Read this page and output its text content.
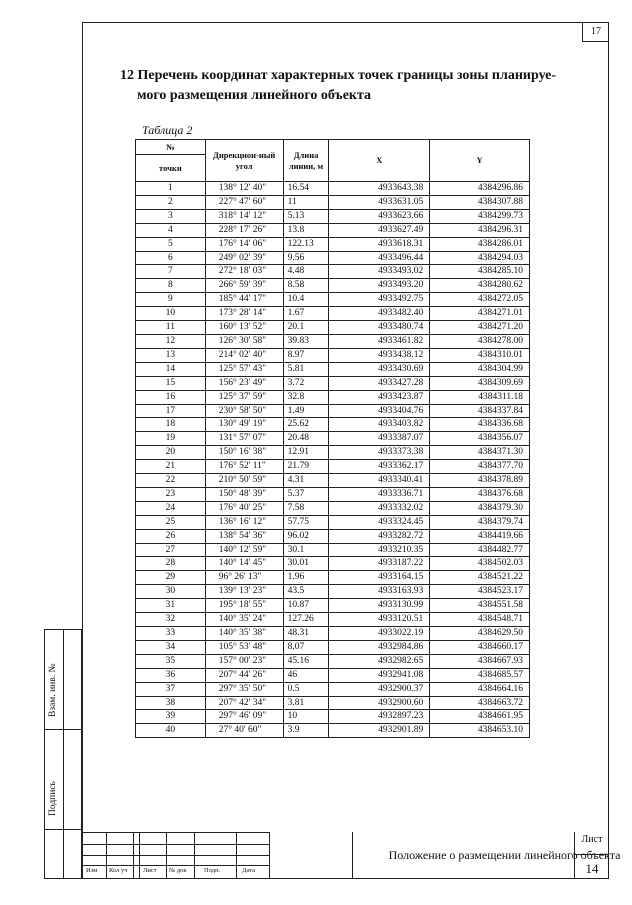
17
12 Перечень координат характерных точек границы зоны планируе-
мого размещения линейного объекта
Таблица 2
№	Дирекцион-ный угол	Длина линии, м	X	Y
точки				
1	138° 12' 40"	16.54	4933643.38	4384296.86
2	227° 47' 60"	11	4933631.05	4384307.88
3	318° 14' 12"	5.13	4933623.66	4384299.73
4	228° 17' 26"	13.8	4933627.49	4384296.31
5	176° 14' 06"	122.13	4933618.31	4384286.01
6	249° 02' 39"	9.56	4933496.44	4384294.03
7	272° 18' 03"	4.48	4933493.02	4384285.10
8	266° 59' 39"	8.58	4933493.20	4384280.62
9	185° 44' 17"	10.4	4933492.75	4384272.05
10	173° 28' 14"	1.67	4933482.40	4384271.01
11	160° 13' 52"	20.1	4933480.74	4384271.20
12	126° 30' 58"	39.83	4933461.82	4384278.00
13	214° 02' 40"	8.97	4933438.12	4384310.01
14	125° 57' 43"	5.81	4933430.69	4384304.99
15	156° 23' 49"	3.72	4933427.28	4384309.69
16	125° 37' 59"	32.8	4933423.87	4384311.18
17	230° 58' 50"	1.49	4933404.76	4384337.84
18	130° 49' 19"	25.62	4933403.82	4384336.68
19	131° 57' 07"	20.48	4933387.07	4384356.07
20	150° 16' 38"	12.91	4933373.38	4384371.30
21	176° 52' 11"	21.79	4933362.17	4384377.70
22	210° 50' 59"	4.31	4933340.41	4384378.89
23	150° 48' 39"	5.37	4933336.71	4384376.68
24	176° 40' 25"	7.58	4933332.02	4384379.30
25	136° 16' 12"	57.75	4933324.45	4384379.74
26	138° 54' 36"	96.02	4933282.72	4384419.66
27	140° 12' 59"	30.1	4933210.35	4384482.77
28	140° 14' 45"	30.01	4933187.22	4384502.03
29	96° 26' 13"	1.96	4933164.15	4384521.22
30	139° 13' 23"	43.5	4933163.93	4384523.17
31	195° 18' 55"	10.87	4933130.99	4384551.58
32	140° 35' 24"	127.26	4933120.51	4384548.71
33	140° 35' 38"	48.31	4933022.19	4384629.50
34	105° 53' 48"	8.07	4932984.86	4384660.17
35	157° 00' 23"	45.16	4932982.65	4384667.93
36	207° 44' 26"	46	4932941.08	4384685.57
37	297° 35' 50"	0.5	4932900.37	4384664.16
38	207° 42' 34"	3.81	4932900.60	4384663.72
39	297° 46' 09"	10	4932897.23	4384661.95
40	27° 40' 60"	3.9	4932901.89	4384653.10
Взам. инв. №
Подпись
Изм Кол уч Лист № док	Подп.	Дата
Положение о размещении линейного объекта
Лист
14
